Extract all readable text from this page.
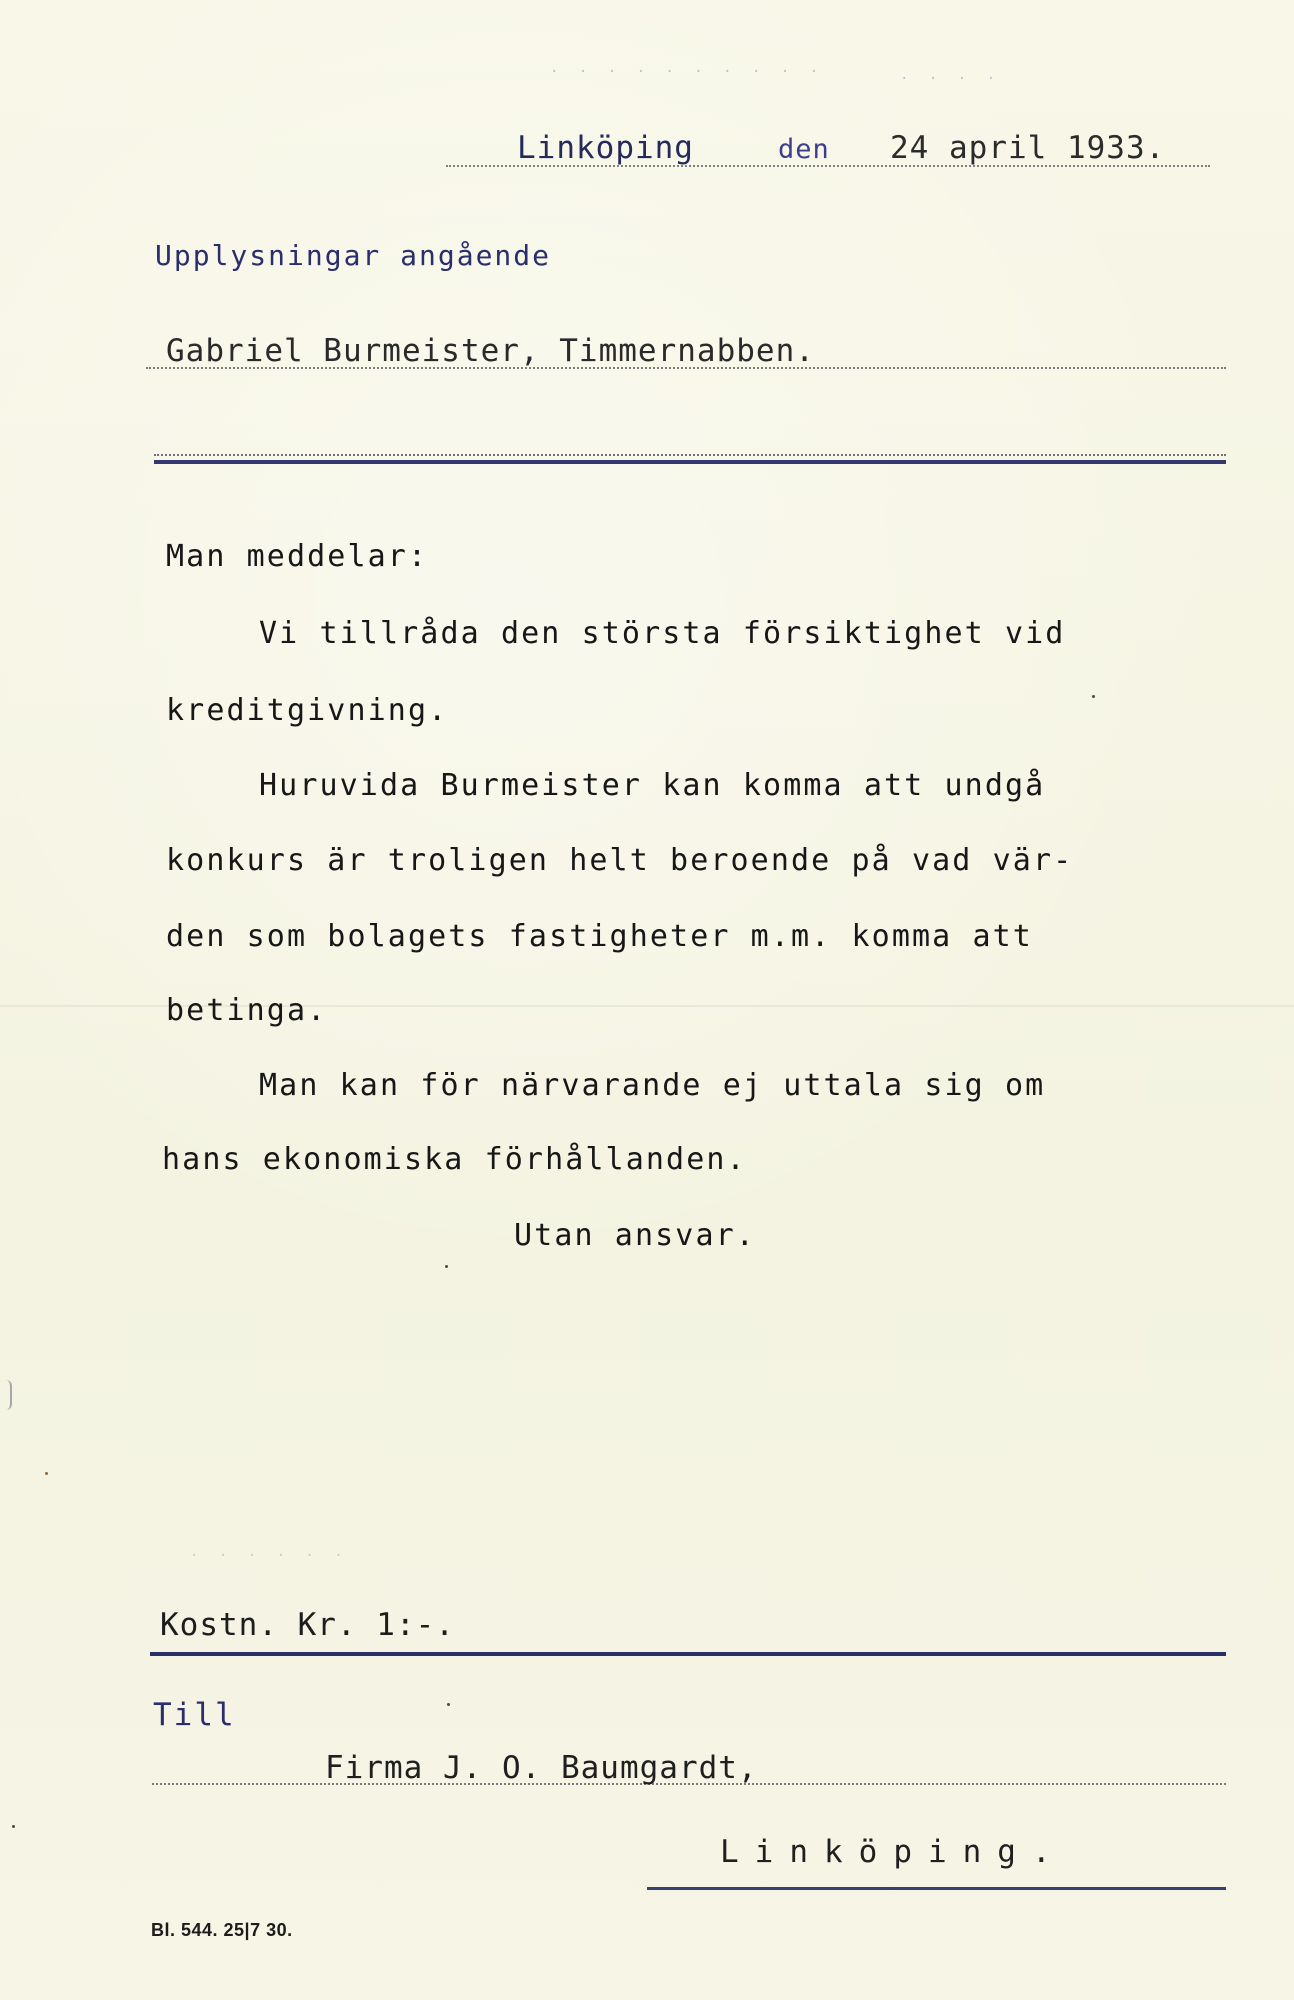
· · · · · · · · · ·	· · · ·
· · · · · ·
Linköping	den 24 april 1933.
Upplysningar angående
Gabriel Burmeister, Timmernabben.
Man meddelar:
Vi tillråda den största försiktighet vid
kreditgivning.
Huruvida Burmeister kan komma att undgå
konkurs är troligen helt beroende på vad vär-
den som bolagets fastigheter m.m. komma att
betinga.
Man kan för närvarande ej uttala sig om
hans ekonomiska förhållanden.
Utan ansvar.
Kostn. Kr. 1:-.
Till
Firma J. O. Baumgardt,
Linköping.
Bl. 544. 25|7 30.
